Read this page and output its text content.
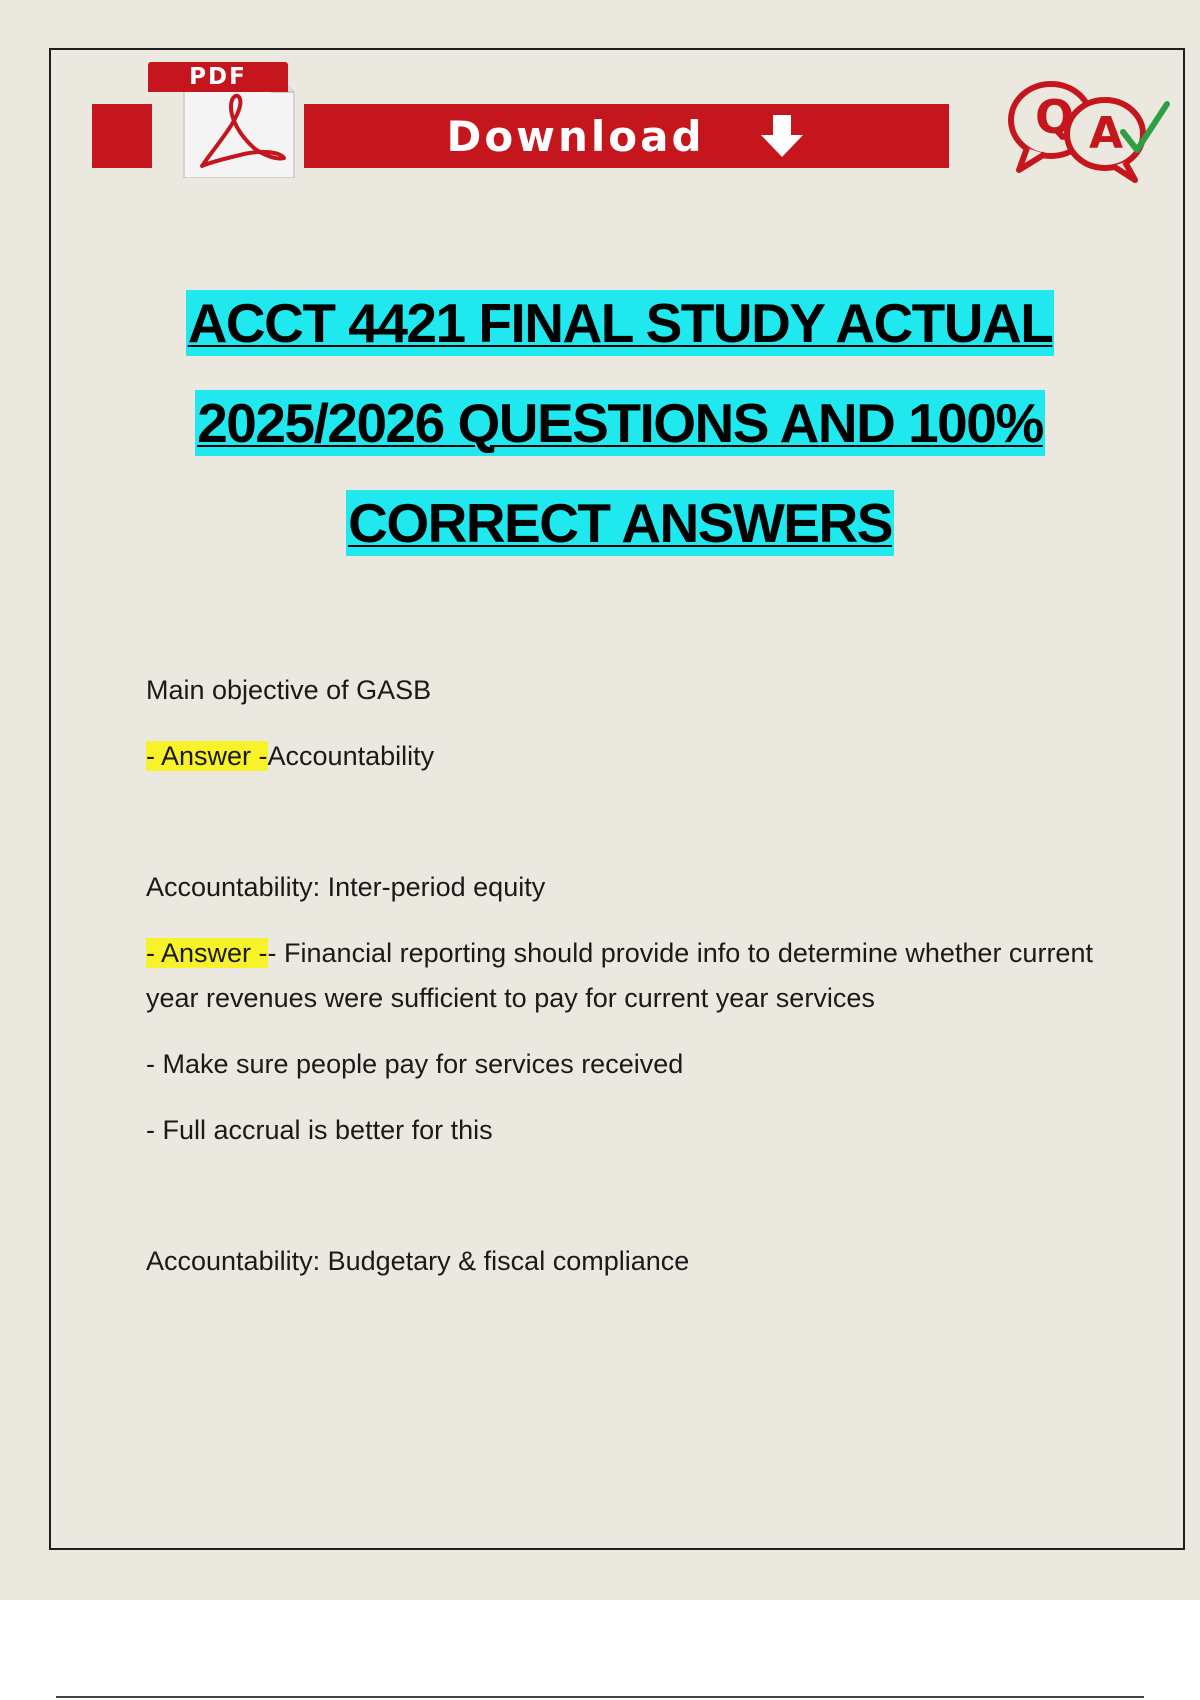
PDF
Download	Q A
ACCT 4421 FINAL STUDY ACTUAL
2025/2026 QUESTIONS AND 100%
CORRECT ANSWERS

Main objective of GASB

- Answer -Accountability

Accountability: Inter-period equity

- Answer -- Financial reporting should provide info to determine whether current year revenues were sufficient to pay for current year services

- Make sure people pay for services received

- Full accrual is better for this

Accountability: Budgetary & fiscal compliance
